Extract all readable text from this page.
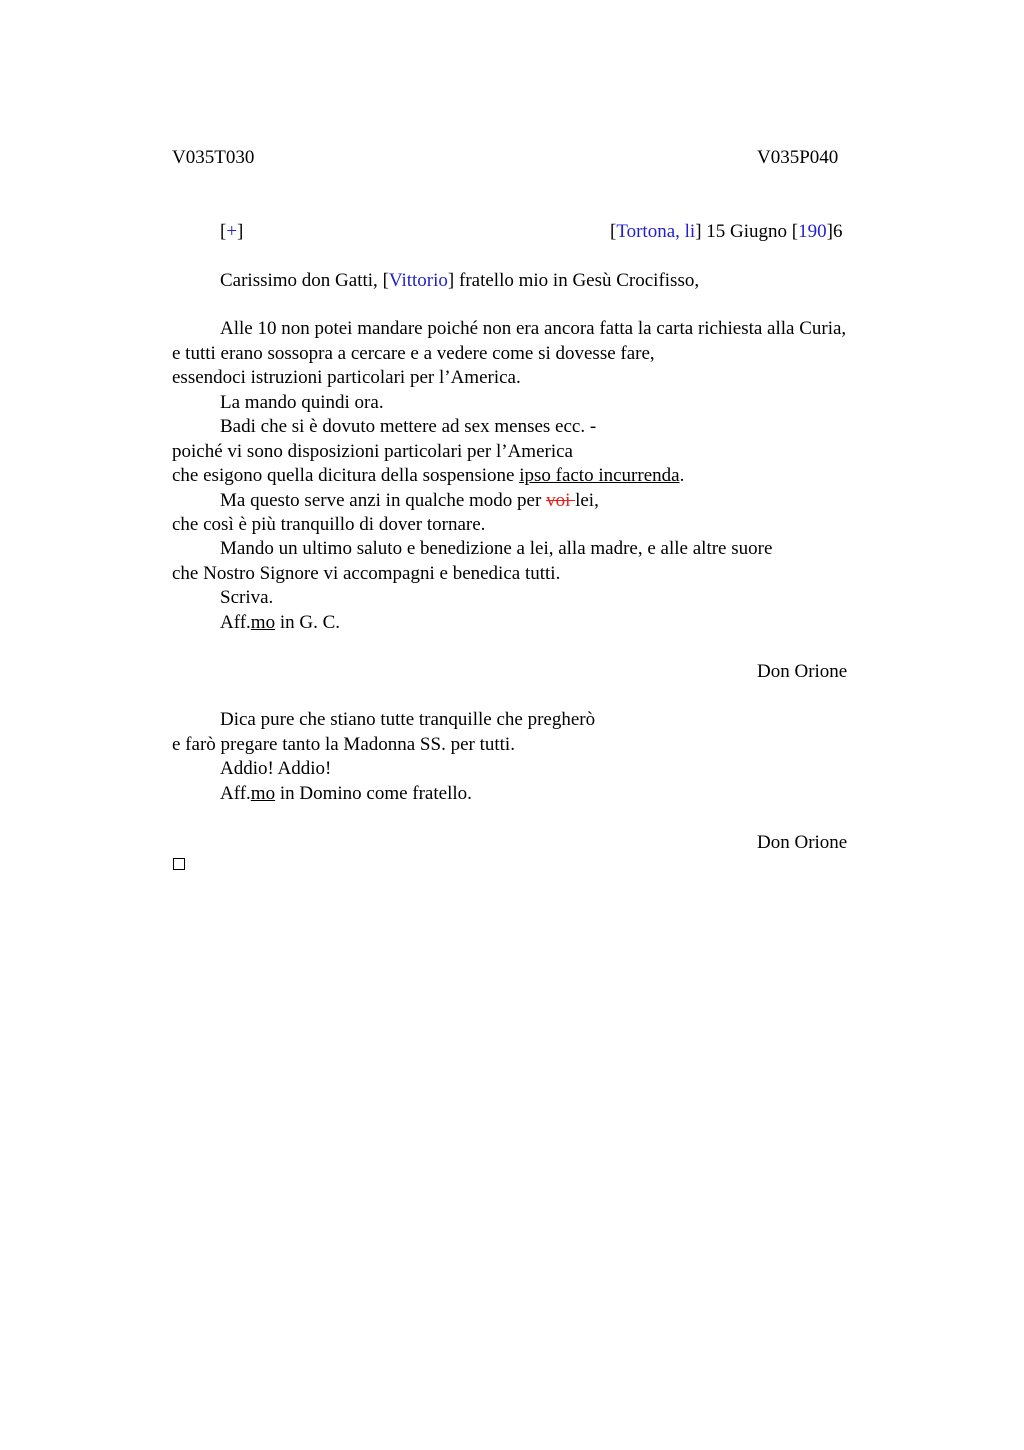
V035T030	V035P040
[+]	[Tortona, li] 15 Giugno [190]6
Carissimo don Gatti, [Vittorio] fratello mio in Gesù Crocifisso,
Alle 10 non potei mandare poiché non era ancora fatta la carta richiesta alla Curia,
e tutti erano sossopra a cercare e a vedere come si dovesse fare,
essendoci istruzioni particolari per l’America.
La mando quindi ora.
Badi che si è dovuto mettere ad sex menses ecc. -
poiché vi sono disposizioni particolari per l’America
che esigono quella dicitura della sospensione ipso facto incurrenda.
Ma questo serve anzi in qualche modo per voi lei,
che così è più tranquillo di dover tornare.
Mando un ultimo saluto e benedizione a lei, alla madre, e alle altre suore
che Nostro Signore vi accompagni e benedica tutti.
Scriva.
Aff.mo in G. C.
Don Orione
Dica pure che stiano tutte tranquille che pregherò
e farò pregare tanto la Madonna SS. per tutti.
Addio! Addio!
Aff.mo in Domino come fratello.
Don Orione
